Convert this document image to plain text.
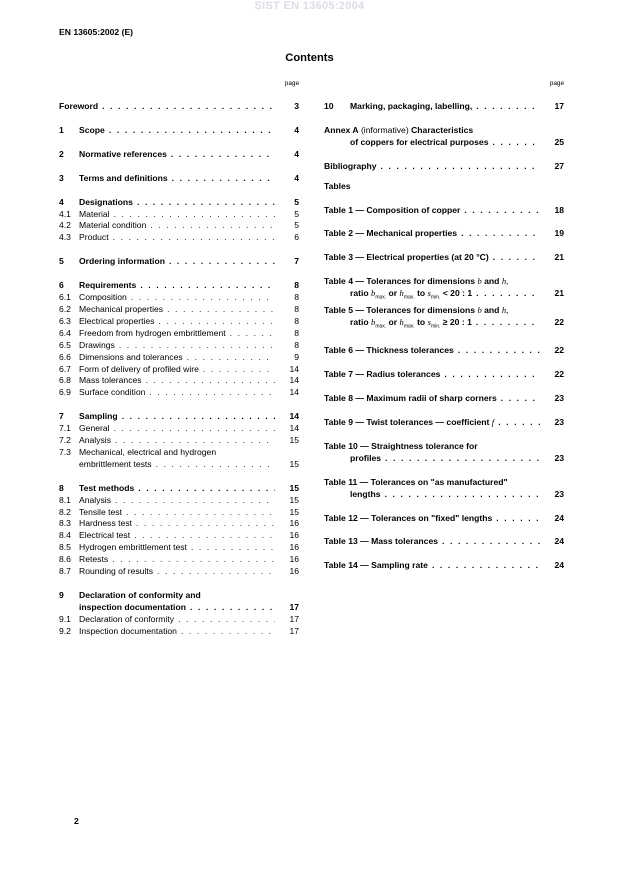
SIST EN 13605:2004
EN 13605:2002 (E)
Contents
page
Foreword . . .	3
1	Scope . . .	4
2	Normative references . . .	4
3	Terms and definitions . . .	4
4	Designations . . .	5
4.1 Material . . .	5
4.2 Material condition . . .	5
4.3 Product . . .	6
5	Ordering information . . .	7
6	Requirements . . .	8
6.1 Composition . . .	8
6.2 Mechanical properties . . .	8
6.3 Electrical properties . . .	8
6.4 Freedom from hydrogen embrittlement . . .	8
6.5 Drawings . . .	8
6.6 Dimensions and tolerances . . .	9
6.7 Form of delivery of profiled wire . . .	14
6.8 Mass tolerances . . .	14
6.9 Surface condition . . .	14
7	Sampling . . .	14
7.1 General . . .	14
7.2 Analysis . . .	15
7.3 Mechanical, electrical and hydrogen
embrittlement tests . . .	15
8	Test methods . . .	15
8.1 Analysis . . .	15
8.2 Tensile test . . .	15
8.3 Hardness test . . .	16
8.4 Electrical test . . .	16
8.5 Hydrogen embrittlement test . . .	16
8.6 Retests . . .	16
8.7 Rounding of results . . .	16
9	Declaration of conformity and
inspection documentation . . .	17
9.1 Declaration of conformity . . .	17
9.2 Inspection documentation . . .	17
page
10	Marking, packaging, labelling, . . .	17
Annex A (informative) Characteristics
of coppers for electrical purposes . . .	25
Bibliography . . .	27
Tables
Table 1 — Composition of copper . . .	18
Table 2 — Mechanical properties . . .	19
Table 3 — Electrical properties (at 20 °C) . . .	21
Table 4 — Tolerances for dimensions b and h,
ratio $b_{max.}$ or $h_{max.}$ to $s_{min.} < 20$ : 1 . . .	21
Table 5 — Tolerances for dimensions b and h,
ratio $b_{max.}$ or $h_{max.}$ to $s_{min.} \ge 20$ : 1 . . .	22
Table 6 — Thickness tolerances . . .	22
Table 7 — Radius tolerances . . .	22
Table 8 — Maximum radii of sharp corners . . .	23
Table 9 — Twist tolerances — coefficient f . . .	23
Table 10 — Straightness tolerance for
profiles . . .	23
Table 11 — Tolerances on "as manufactured"
lengths . . .	23
Table 12 — Tolerances on "fixed" lengths . . .	24
Table 13 — Mass tolerances . . .	24
Table 14 — Sampling rate . . .	24
2
